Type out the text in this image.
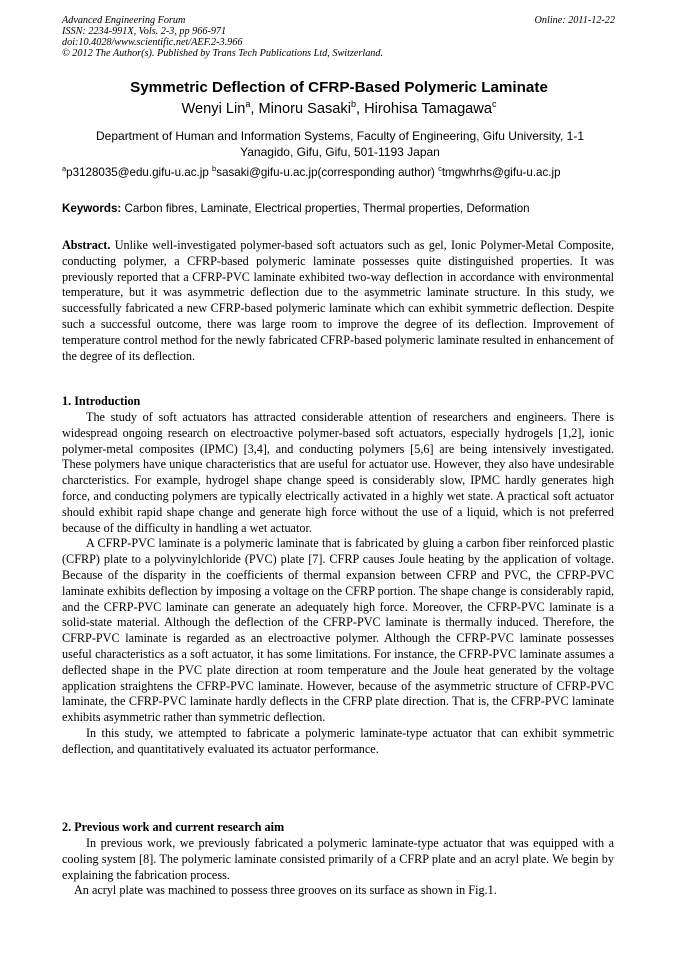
Advanced Engineering Forum	Online: 2011-12-22
ISSN: 2234-991X, Vols. 2-3, pp 966-971
doi:10.4028/www.scientific.net/AEF.2-3.966
© 2012 The Author(s). Published by Trans Tech Publications Ltd, Switzerland.
Symmetric Deflection of CFRP-Based Polymeric Laminate
Wenyi Lin$^a$, Minoru Sasaki$^b$, Hirohisa Tamagawa$^c$
Department of Human and Information Systems, Faculty of Engineering, Gifu University, 1-1 Yanagido, Gifu, Gifu, 501-1193 Japan
$^a$p3128035@edu.gifu-u.ac.jp $^b$sasaki@gifu-u.ac.jp(corresponding author) $^c$tmgwhrhs@gifu-u.ac.jp
Keywords: Carbon fibres, Laminate, Electrical properties, Thermal properties, Deformation

Abstract. Unlike well-investigated polymer-based soft actuators such as gel, Ionic Polymer-Metal Composite, conducting polymer, a CFRP-based polymeric laminate possesses quite distinguished properties. It was previously reported that a CFRP-PVC laminate exhibited two-way deflection in accordance with environmental temperature, but it was asymmetric deflection due to the asymmetric laminate structure. In this study, we successfully fabricated a new CFRP-based polymeric laminate which can exhibit symmetric deflection. Despite such a successful outcome, there was large room to improve the degree of its deflection. Improvement of temperature control method for the newly fabricated CFRP-based polymeric laminate resulted in enhancement of the degree of its deflection.

1. Introduction

The study of soft actuators has attracted considerable attention of researchers and engineers. There is widespread ongoing research on electroactive polymer-based soft actuators, especially hydrogels [1,2], ionic polymer-metal composites (IPMC) [3,4], and conducting polymers [5,6] are being intensively investigated. These polymers have unique characteristics that are useful for actuator use. However, they also have undesirable charcteristics. For example, hydrogel shape change speed is considerably slow, IPMC hardly generates high force, and conducting polymers are typically electrically activated in a highly wet state. A practical soft actuator should exhibit rapid shape change and generate high force without the use of a liquid, which is not preferred because of the difficulty in handling a wet actuator.

A CFRP-PVC laminate is a polymeric laminate that is fabricated by gluing a carbon fiber reinforced plastic (CFRP) plate to a polyvinylchloride (PVC) plate [7]. CFRP causes Joule heating by the application of voltage. Because of the disparity in the coefficients of thermal expansion between CFRP and PVC, the CFRP-PVC laminate exhibits deflection by imposing a voltage on the CFRP portion. The shape change is considerably rapid, and the CFRP-PVC laminate can generate an adequately high force. Moreover, the CFRP-PVC laminate is a solid-state material. Although the deflection of the CFRP-PVC laminate is thermally induced. Therefore, the CFRP-PVC laminate is regarded as an electroactive polymer. Although the CFRP-PVC laminate possesses useful characteristics as a soft actuator, it has some limitations. For instance, the CFRP-PVC laminate assumes a deflected shape in the PVC plate direction at room temperature and the Joule heat generated by the voltage application straightens the CFRP-PVC laminate. However, because of the asymmetric structure of CFRP-PVC laminate, the CFRP-PVC laminate hardly deflects in the CFRP plate direction. That is, the CFRP-PVC laminate exhibits asymmetric rather than symmetric deflection.

In this study, we attempted to fabricate a polymeric laminate-type actuator that can exhibit symmetric deflection, and quantitatively evaluated its actuator performance.

2. Previous work and current research aim

In previous work, we previously fabricated a polymeric laminate-type actuator that was equipped with a cooling system [8]. The polymeric laminate consisted primarily of a CFRP plate and an acryl plate. We begin by explaining the fabrication process.

An acryl plate was machined to possess three grooves on its surface as shown in Fig.1.
